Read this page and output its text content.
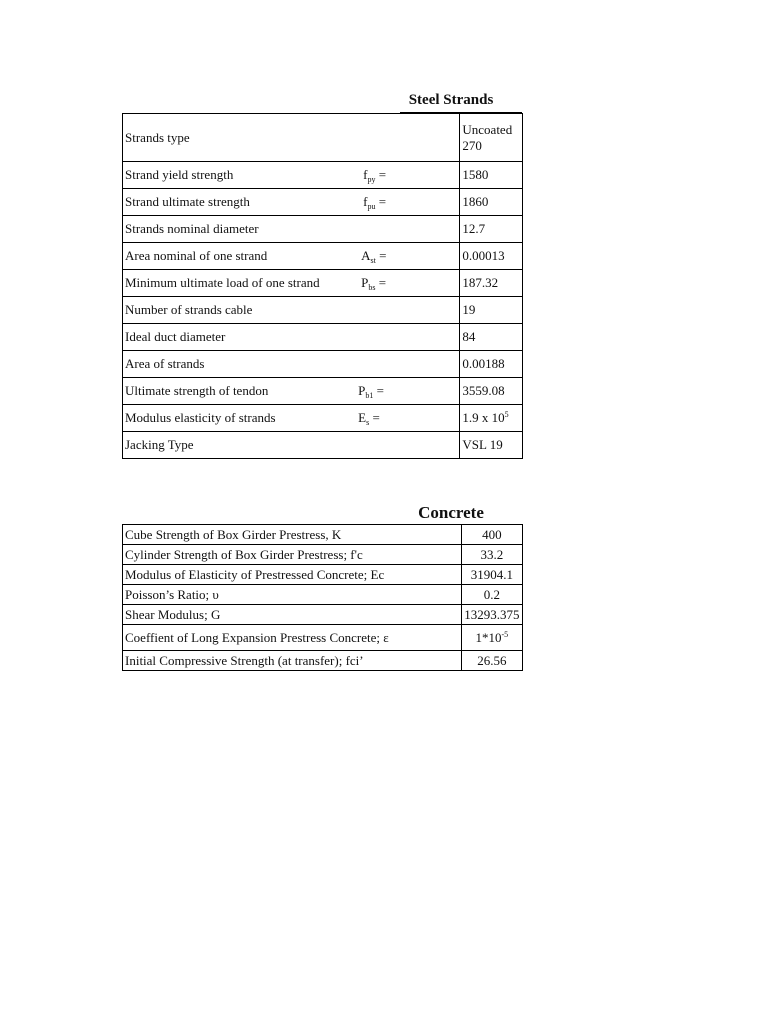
Steel Strands
Strands type		Uncoated 270
Strand yield strength	$f_{py}$ =	1580
Strand ultimate strength	$f_{pu}$ =	1860
Strands nominal diameter		12.7
Area nominal of one strand	$A_{st}$ =	0.00013
Minimum ultimate load of one strand	$P_{bs}$ =	187.32
Number of strands cable		19
Ideal duct diameter		84
Area of strands		0.00188
Ultimate strength of tendon	$P_{b1}$ =	3559.08
Modulus elasticity of strands	$E_s$ =	1.9 x $10^5$
Jacking Type		VSL 19
Concrete
Cube Strength of Box Girder Prestress, K	400
Cylinder Strength of Box Girder Prestress; f'c	33.2
Modulus of Elasticity of Prestressed Concrete; Ec	31904.1
Poisson’s Ratio; υ	0.2
Shear Modulus; G	13293.375
Coeffient of Long Expansion Prestress Concrete; ε	$1*10^{-5}$
Initial Compressive Strength (at transfer); fci’	26.56
